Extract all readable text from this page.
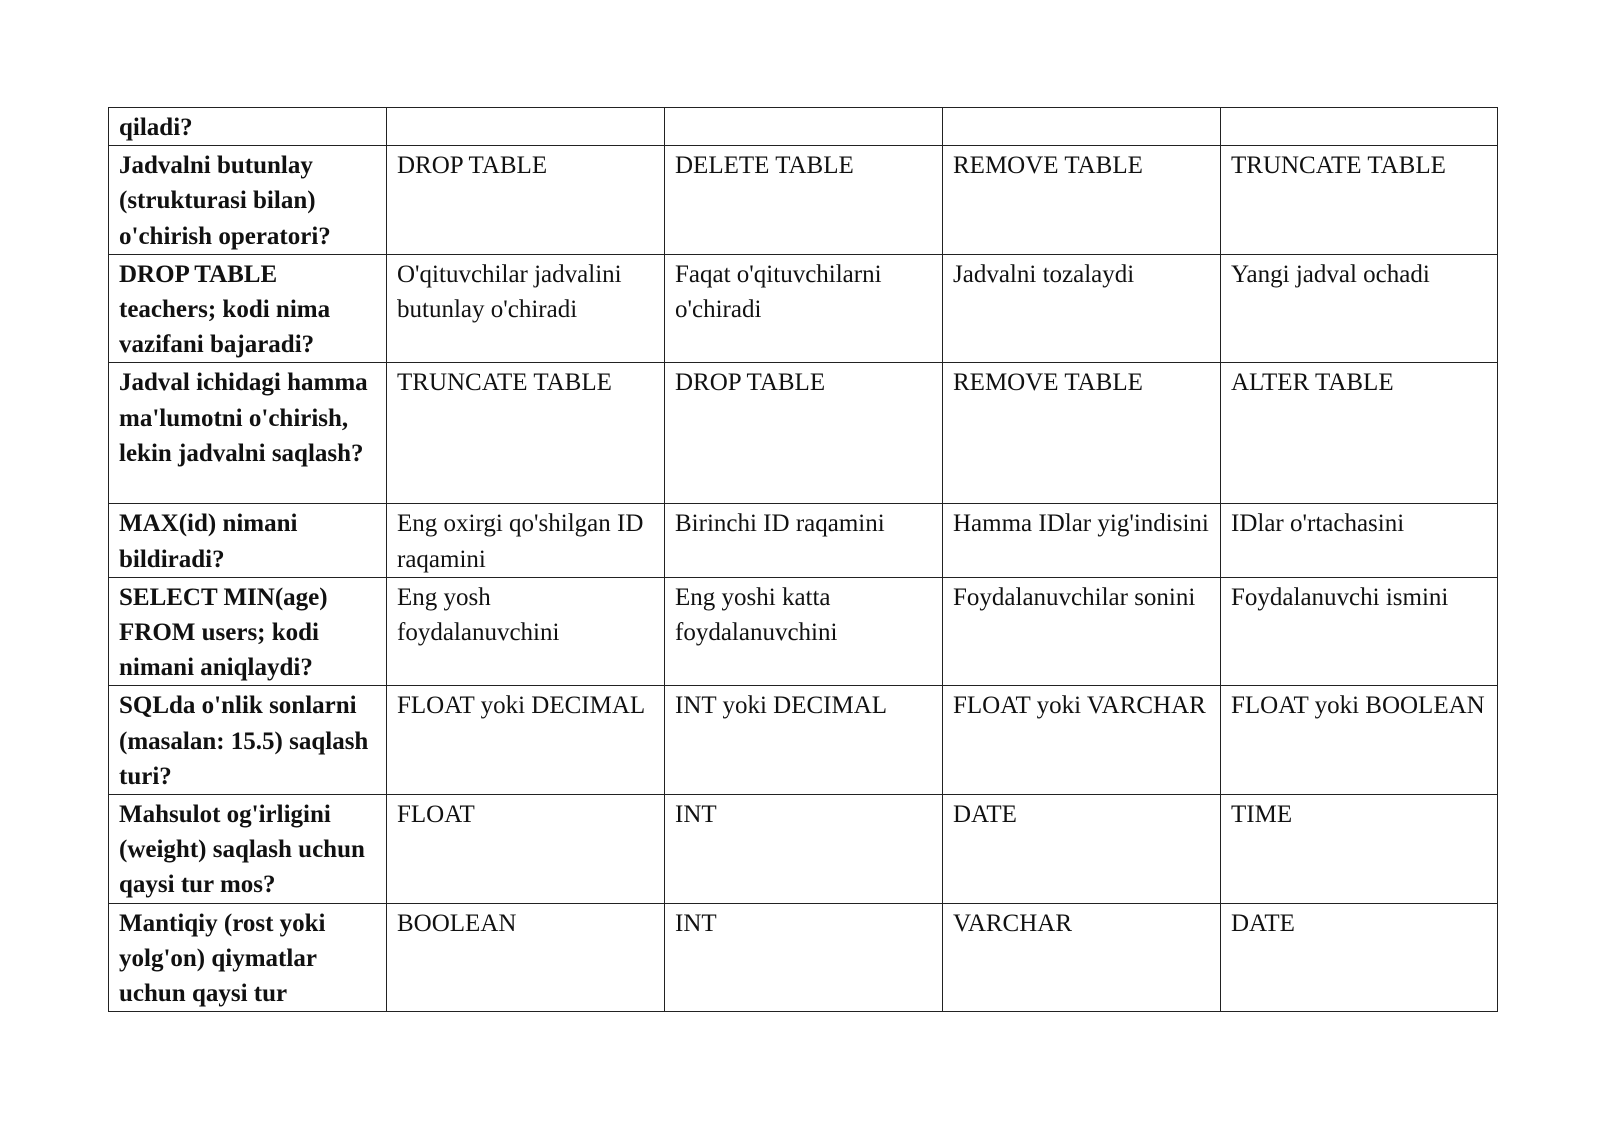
qiladi?				
Jadvalni butunlay (strukturasi bilan) o'chirish operatori?	DROP TABLE	DELETE TABLE	REMOVE TABLE	TRUNCATE TABLE
DROP TABLE teachers; kodi nima vazifani bajaradi?	O'qituvchilar jadvalini butunlay o'chiradi	Faqat o'qituvchilarni o'chiradi	Jadvalni tozalaydi	Yangi jadval ochadi
Jadval ichidagi hamma ma'lumotni o'chirish, lekin jadvalni saqlash?	TRUNCATE TABLE	DROP TABLE	REMOVE TABLE	ALTER TABLE
MAX(id) nimani bildiradi?	Eng oxirgi qo'shilgan ID raqamini	Birinchi ID raqamini	Hamma IDlar yig'indisini	IDlar o'rtachasini
SELECT MIN(age) FROM users; kodi nimani aniqlaydi?	Eng yosh foydalanuvchini	Eng yoshi katta foydalanuvchini	Foydalanuvchilar sonini	Foydalanuvchi ismini
SQLda o'nlik sonlarni (masalan: 15.5) saqlash turi?	FLOAT yoki DECIMAL	INT yoki DECIMAL	FLOAT yoki VARCHAR	FLOAT yoki BOOLEAN
Mahsulot og'irligini (weight) saqlash uchun qaysi tur mos?	FLOAT	INT	DATE	TIME
Mantiqiy (rost yoki yolg'on) qiymatlar uchun qaysi tur	BOOLEAN	INT	VARCHAR	DATE
